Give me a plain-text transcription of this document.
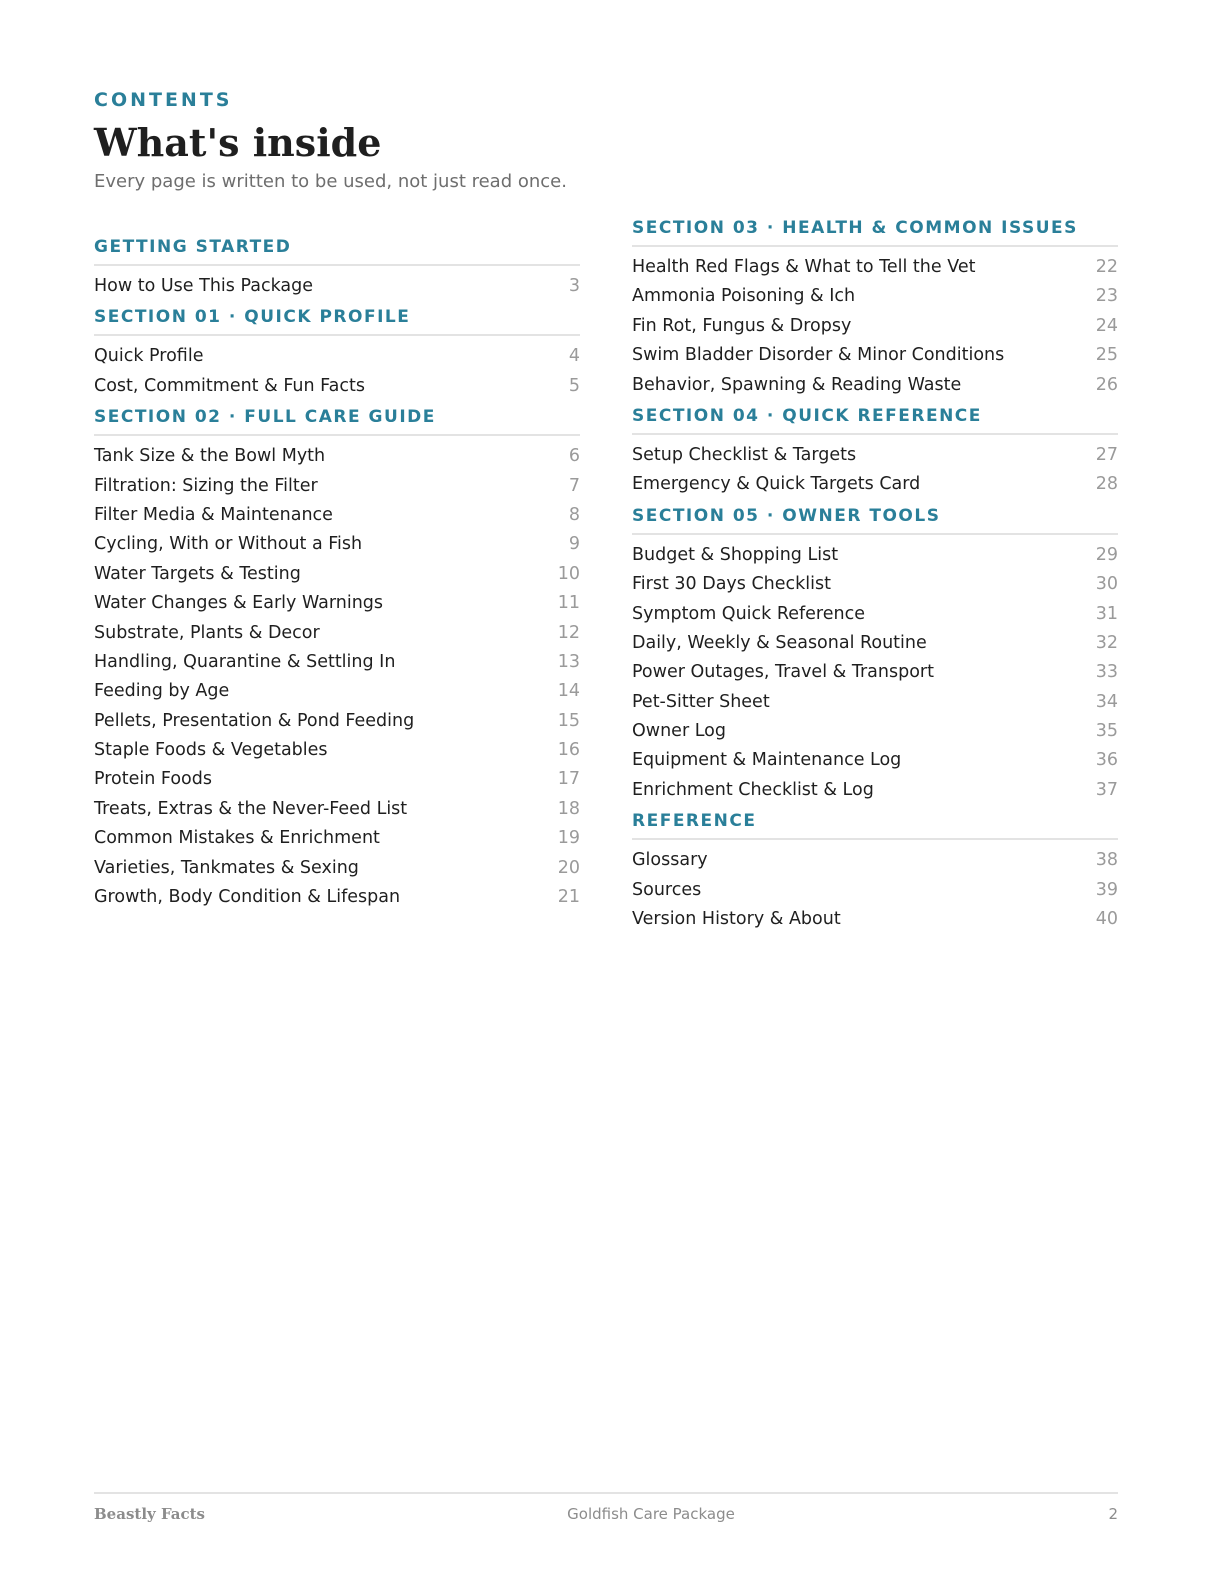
CONTENTS
What's inside
Every page is written to be used, not just read once.
GETTING STARTED
How to Use This Package	3
SECTION 01 · QUICK PROFILE
Quick Profile	4
Cost, Commitment & Fun Facts	5
SECTION 02 · FULL CARE GUIDE
Tank Size & the Bowl Myth	6
Filtration: Sizing the Filter	7
Filter Media & Maintenance	8
Cycling, With or Without a Fish	9
Water Targets & Testing	10
Water Changes & Early Warnings	11
Substrate, Plants & Decor	12
Handling, Quarantine & Settling In	13
Feeding by Age	14
Pellets, Presentation & Pond Feeding	15
Staple Foods & Vegetables	16
Protein Foods	17
Treats, Extras & the Never-Feed List	18
Common Mistakes & Enrichment	19
Varieties, Tankmates & Sexing	20
Growth, Body Condition & Lifespan	21
SECTION 03 · HEALTH & COMMON ISSUES
Health Red Flags & What to Tell the Vet	22
Ammonia Poisoning & Ich	23
Fin Rot, Fungus & Dropsy	24
Swim Bladder Disorder & Minor Conditions	25
Behavior, Spawning & Reading Waste	26
SECTION 04 · QUICK REFERENCE
Setup Checklist & Targets	27
Emergency & Quick Targets Card	28
SECTION 05 · OWNER TOOLS
Budget & Shopping List	29
First 30 Days Checklist	30
Symptom Quick Reference	31
Daily, Weekly & Seasonal Routine	32
Power Outages, Travel & Transport	33
Pet-Sitter Sheet	34
Owner Log	35
Equipment & Maintenance Log	36
Enrichment Checklist & Log	37
REFERENCE
Glossary	38
Sources	39
Version History & About	40
Beastly Facts	Goldfish Care Package	2
